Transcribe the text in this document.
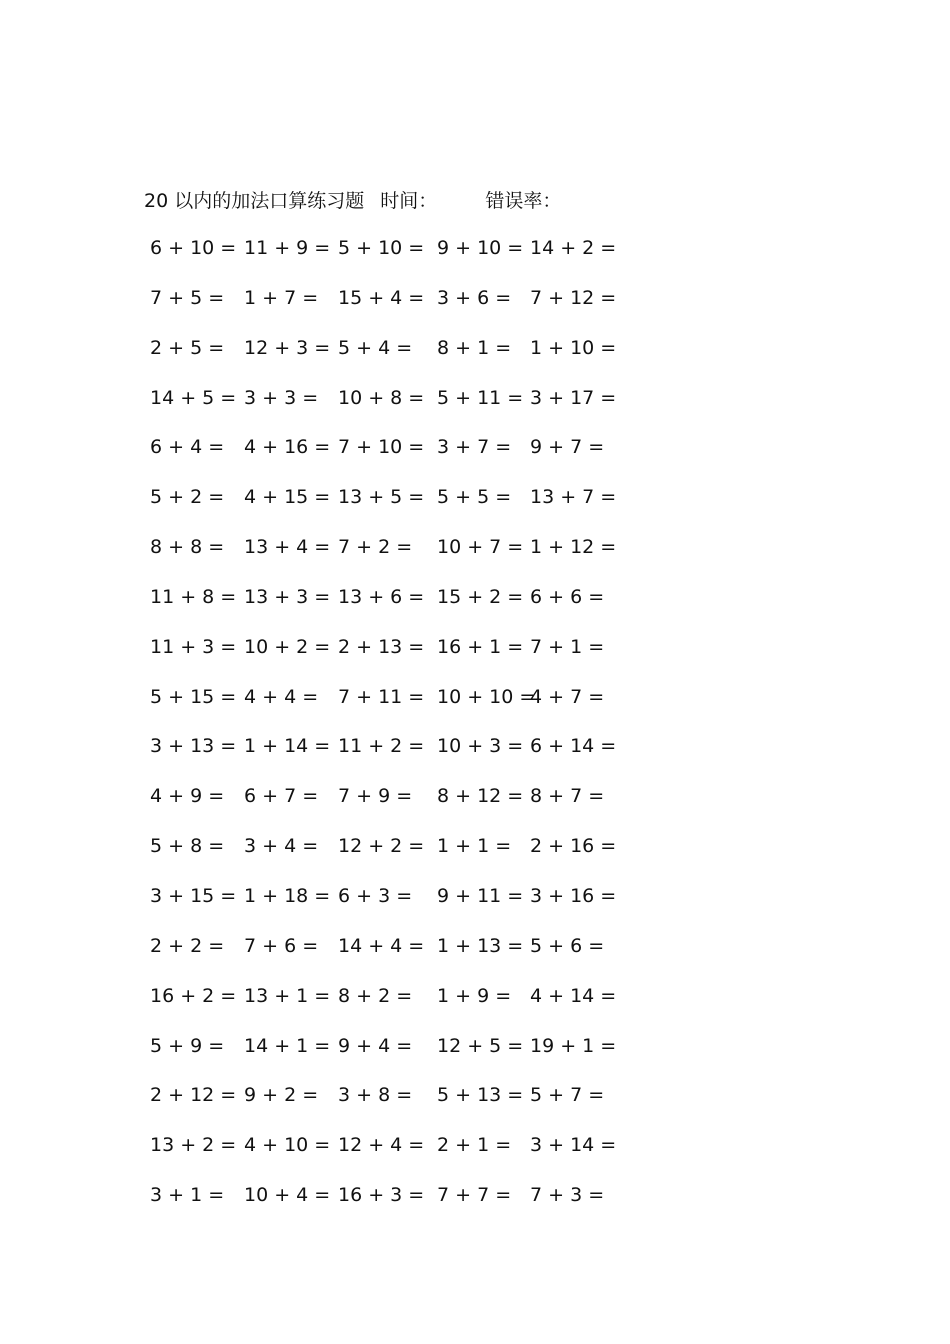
20 以内的加法口算练习题 时间：	错误率：
6 + 10 = 11 + 9 = 5 + 10 = 9 + 10 = 14 + 2 =
7 + 5 = 1 + 7 = 15 + 4 = 3 + 6 = 7 + 12 =
2 + 5 = 12 + 3 = 5 + 4 = 8 + 1 = 1 + 10 =
14 + 5 = 3 + 3 = 10 + 8 = 5 + 11 = 3 + 17 =
6 + 4 = 4 + 16 = 7 + 10 = 3 + 7 = 9 + 7 =
5 + 2 = 4 + 15 = 13 + 5 = 5 + 5 = 13 + 7 =
8 + 8 = 13 + 4 = 7 + 2 = 10 + 7 = 1 + 12 =
11 + 8 = 13 + 3 = 13 + 6 = 15 + 2 = 6 + 6 =
11 + 3 = 10 + 2 = 2 + 13 = 16 + 1 = 7 + 1 =
5 + 15 = 4 + 4 = 7 + 11 = 10 + 10 =
4 + 7 =
3 + 13 = 1 + 14 = 11 + 2 = 10 + 3 = 6 + 14 =
4 + 9 = 6 + 7 = 7 + 9 = 8 + 12 = 8 + 7 =
5 + 8 = 3 + 4 = 12 + 2 = 1 + 1 = 2 + 16 =
3 + 15 = 1 + 18 = 6 + 3 = 9 + 11 = 3 + 16 =
2 + 2 = 7 + 6 = 14 + 4 = 1 + 13 = 5 + 6 =
16 + 2 = 13 + 1 = 8 + 2 = 1 + 9 = 4 + 14 =
5 + 9 = 14 + 1 = 9 + 4 = 12 + 5 = 19 + 1 =
2 + 12 = 9 + 2 = 3 + 8 = 5 + 13 = 5 + 7 =
13 + 2 = 4 + 10 = 12 + 4 = 2 + 1 = 3 + 14 =
3 + 1 = 10 + 4 = 16 + 3 = 7 + 7 = 7 + 3 =
